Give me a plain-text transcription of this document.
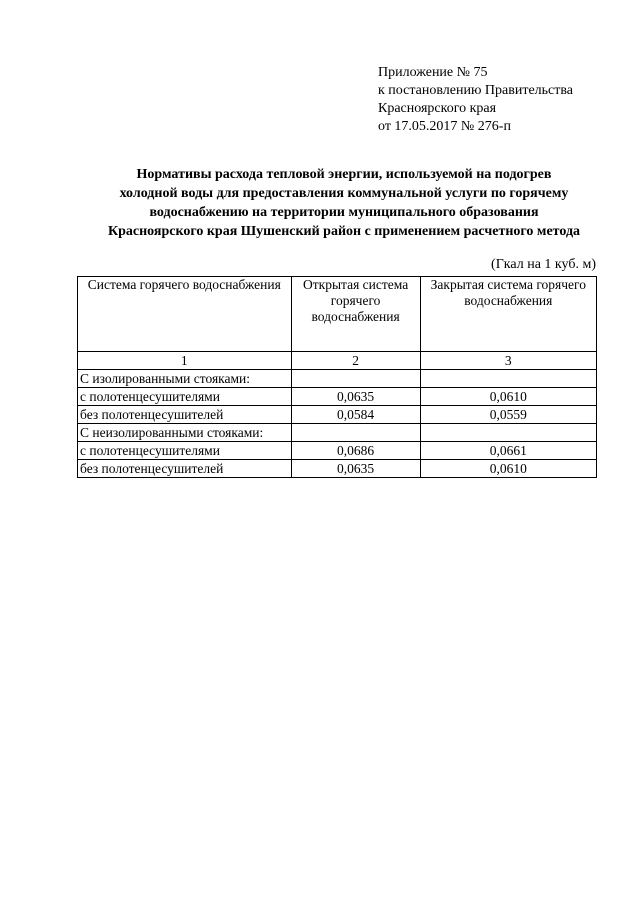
Приложение № 75
к постановлению Правительства
Красноярского края
от 17.05.2017 № 276-п
Нормативы расхода тепловой энергии, используемой на подогрев
холодной воды для предоставления коммунальной услуги по горячему
водоснабжению на территории муниципального образования
Красноярского края Шушенский район с применением расчетного метода
(Гкал на 1 куб. м)
Система горячего водоснабжения	Открытая система горячего водоснабжения	Закрытая система горячего водоснабжения
1	2	3
С изолированными стояками:		
с полотенцесушителями	0,0635	0,0610
без полотенцесушителей	0,0584	0,0559
С неизолированными стояками:		
с полотенцесушителями	0,0686	0,0661
без полотенцесушителей	0,0635	0,0610
